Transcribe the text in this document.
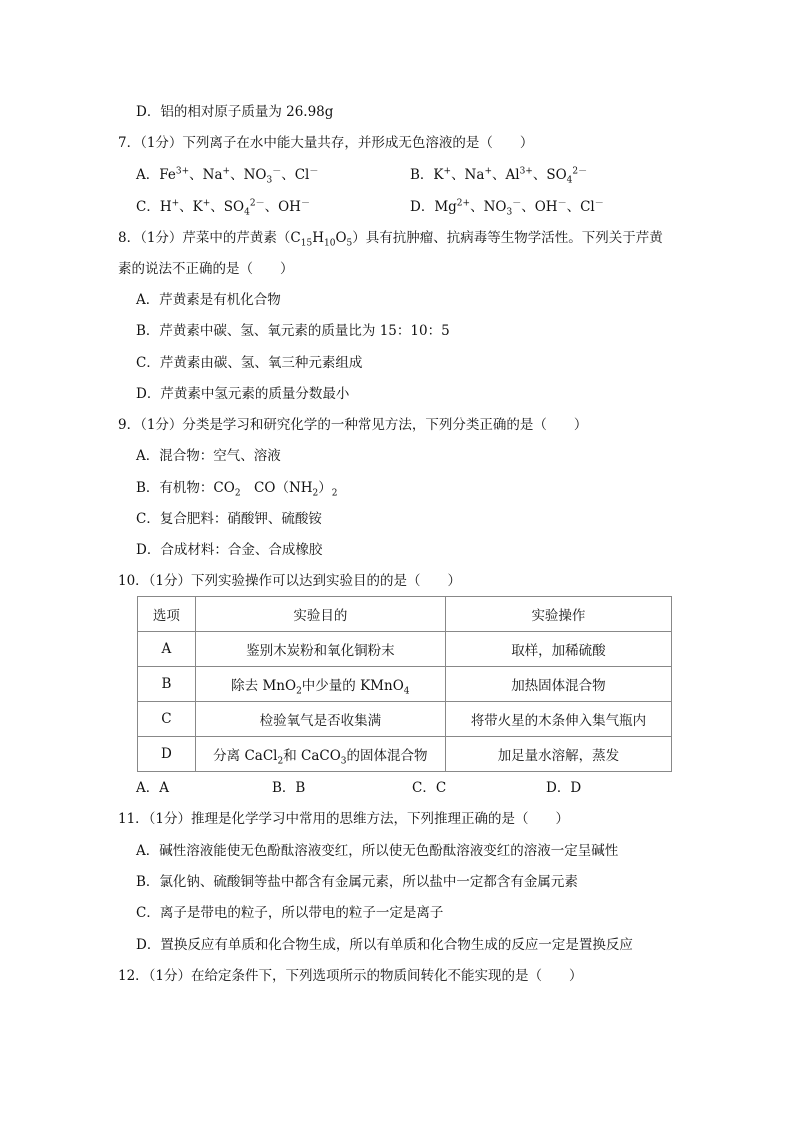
D．铝的相对原子质量为 26.98g
7．（1分）下列离子在水中能大量共存，并形成无色溶液的是（　　）
A．$Fe^{3+}$、Na+、$NO_3^-$、Cl－	B．K+、Na+、$Al^{3+}$、$SO_4^{2-}$
C．H+、K+、$SO_4^{2-}$、OH－	D．$Mg^{2+}$、$NO_3^-$、OH－、Cl－
8．（1分）芹菜中的芹黄素$(C_{15}H_{10}O_5)$具有抗肿瘤、抗病毒等生物学活性。下列关于芹黄
素的说法不正确的是（　　）
A．芹黄素是有机化合物
B．芹黄素中碳、氢、氧元素的质量比为 15：10：5
C．芹黄素由碳、氢、氧三种元素组成
D．芹黄素中氢元素的质量分数最小
9．（1分）分类是学习和研究化学的一种常见方法，下列分类正确的是（　　）
A．混合物：空气、溶液
B．有机物：$CO_2$　$CO(NH_2)_2$
C．复合肥料：硝酸钾、硫酸铵
D．合成材料：合金、合成橡胶
10．（1分）下列实验操作可以达到实验目的的是（　　）
选项	实验目的	实验操作
A	鉴别木炭粉和氧化铜粉末	取样，加稀硫酸
B	除去 MnO$_2$中少量的 KMnO$_4$	加热固体混合物
C	检验氧气是否收集满	将带火星的木条伸入集气瓶内
D	分离 CaCl$_2$和 CaCO$_3$的固体混合物	加足量水溶解，蒸发
A．A	B．B	C．C	D．D
11．（1分）推理是化学学习中常用的思维方法，下列推理正确的是（　　）
A．碱性溶液能使无色酚酞溶液变红，所以使无色酚酞溶液变红的溶液一定呈碱性
B．氯化钠、硫酸铜等盐中都含有金属元素，所以盐中一定都含有金属元素
C．离子是带电的粒子，所以带电的粒子一定是离子
D．置换反应有单质和化合物生成，所以有单质和化合物生成的反应一定是置换反应
12．（1分）在给定条件下，下列选项所示的物质间转化不能实现的是（　　）
